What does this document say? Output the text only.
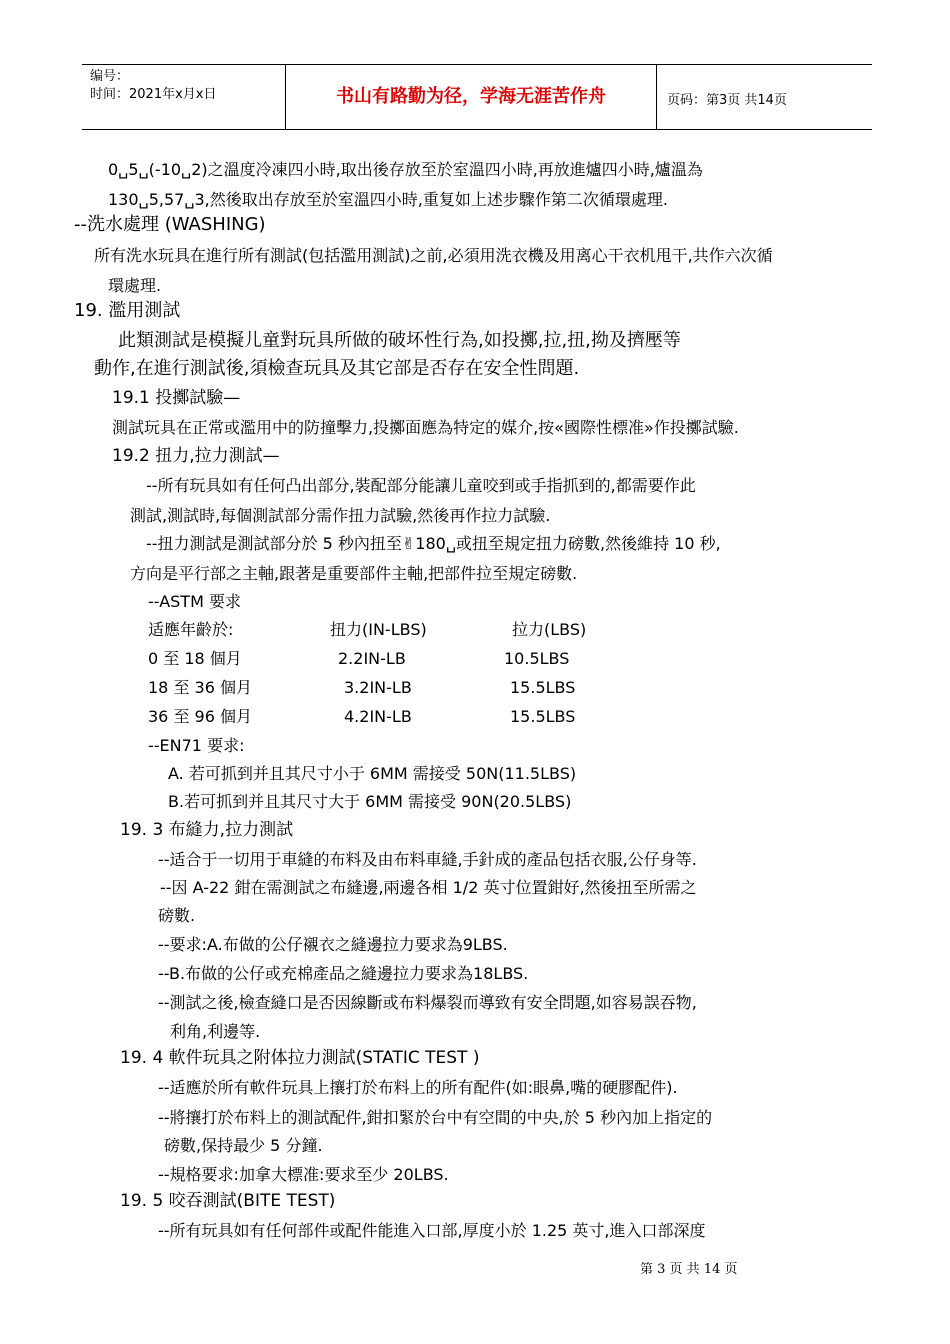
编号：
时间：2021年x月x日	书山有路勤为径，学海无涯苦作舟	页码：第3页 共14页
0␣5␣(-10␣2)之溫度冷凍四小時,取出後存放至於室溫四小時,再放進爐四小時,爐溫為
130␣5,57␣3,然後取出存放至於室溫四小時,重复如上述步驟作第二次循環處理.
--洗水處理 (WASHING)
所有洗水玩具在進行所有測試(包括濫用測試)之前,必須用洗衣機及用离心干衣机甩干,共作六次循
環處理.
19. 濫用測試
此類測試是模擬儿童對玩具所做的破坏性行為,如投擲,拉,扭,拗及擠壓等
動作,在進行測試後,須檢查玩具及其它部是否存在安全性問題.
19.1 投擲試驗—
測試玩具在正常或濫用中的防撞擊力,投擲面應為特定的媒介,按«國際性標准»作投擲試驗.
19.2 扭力,拉力測試—
--所有玩具如有任何凸出部分,裝配部分能讓儿童咬到或手指抓到的,都需要作此
測試,測試時,每個測試部分需作扭力試驗,然後再作拉力試驗.
--扭力測試是測試部分於 5 秒內扭至✌180␣或扭至規定扭力磅數,然後維持 10 秒,
方向是平行部之主軸,跟著是重要部件主軸,把部件拉至規定磅數.
--ASTM 要求
适應年齡於:	扭力(IN-LBS)	拉力(LBS)
0 至 18 個月	2.2IN-LB	10.5LBS
18 至 36 個月	3.2IN-LB	15.5LBS
36 至 96 個月	4.2IN-LB	15.5LBS
--EN71 要求:
A. 若可抓到并且其尺寸小于 6MM 需接受 50N(11.5LBS)
B.若可抓到并且其尺寸大于 6MM 需接受 90N(20.5LBS)
19. 3 布縫力,拉力測試
--适合于一切用于車縫的布料及由布料車縫,手針成的產品包括衣服,公仔身等.
--因 A-22 鉗在需測試之布縫邊,兩邊各相 1/2 英寸位置鉗好,然後扭至所需之
磅數.
--要求:A.布做的公仔襯衣之縫邊拉力要求為9LBS.
--B.布做的公仔或充棉產品之縫邊拉力要求為18LBS.
--測試之後,檢查縫口是否因線斷或布料爆裂而導致有安全問題,如容易誤吞物,
利角,利邊等.
19. 4 軟件玩具之附体拉力測試(STATIC TEST )
--适應於所有軟件玩具上攘打於布料上的所有配件(如:眼鼻,嘴的硬膠配件).
--將攘打於布料上的測試配件,鉗扣緊於台中有空間的中央,於 5 秒內加上指定的
磅數,保持最少 5 分鐘.
--規格要求:加拿大標准:要求至少 20LBS.
19. 5 咬吞測試(BITE TEST)
--所有玩具如有任何部件或配件能進入口部,厚度小於 1.25 英寸,進入口部深度
第 3 页 共 14 页
